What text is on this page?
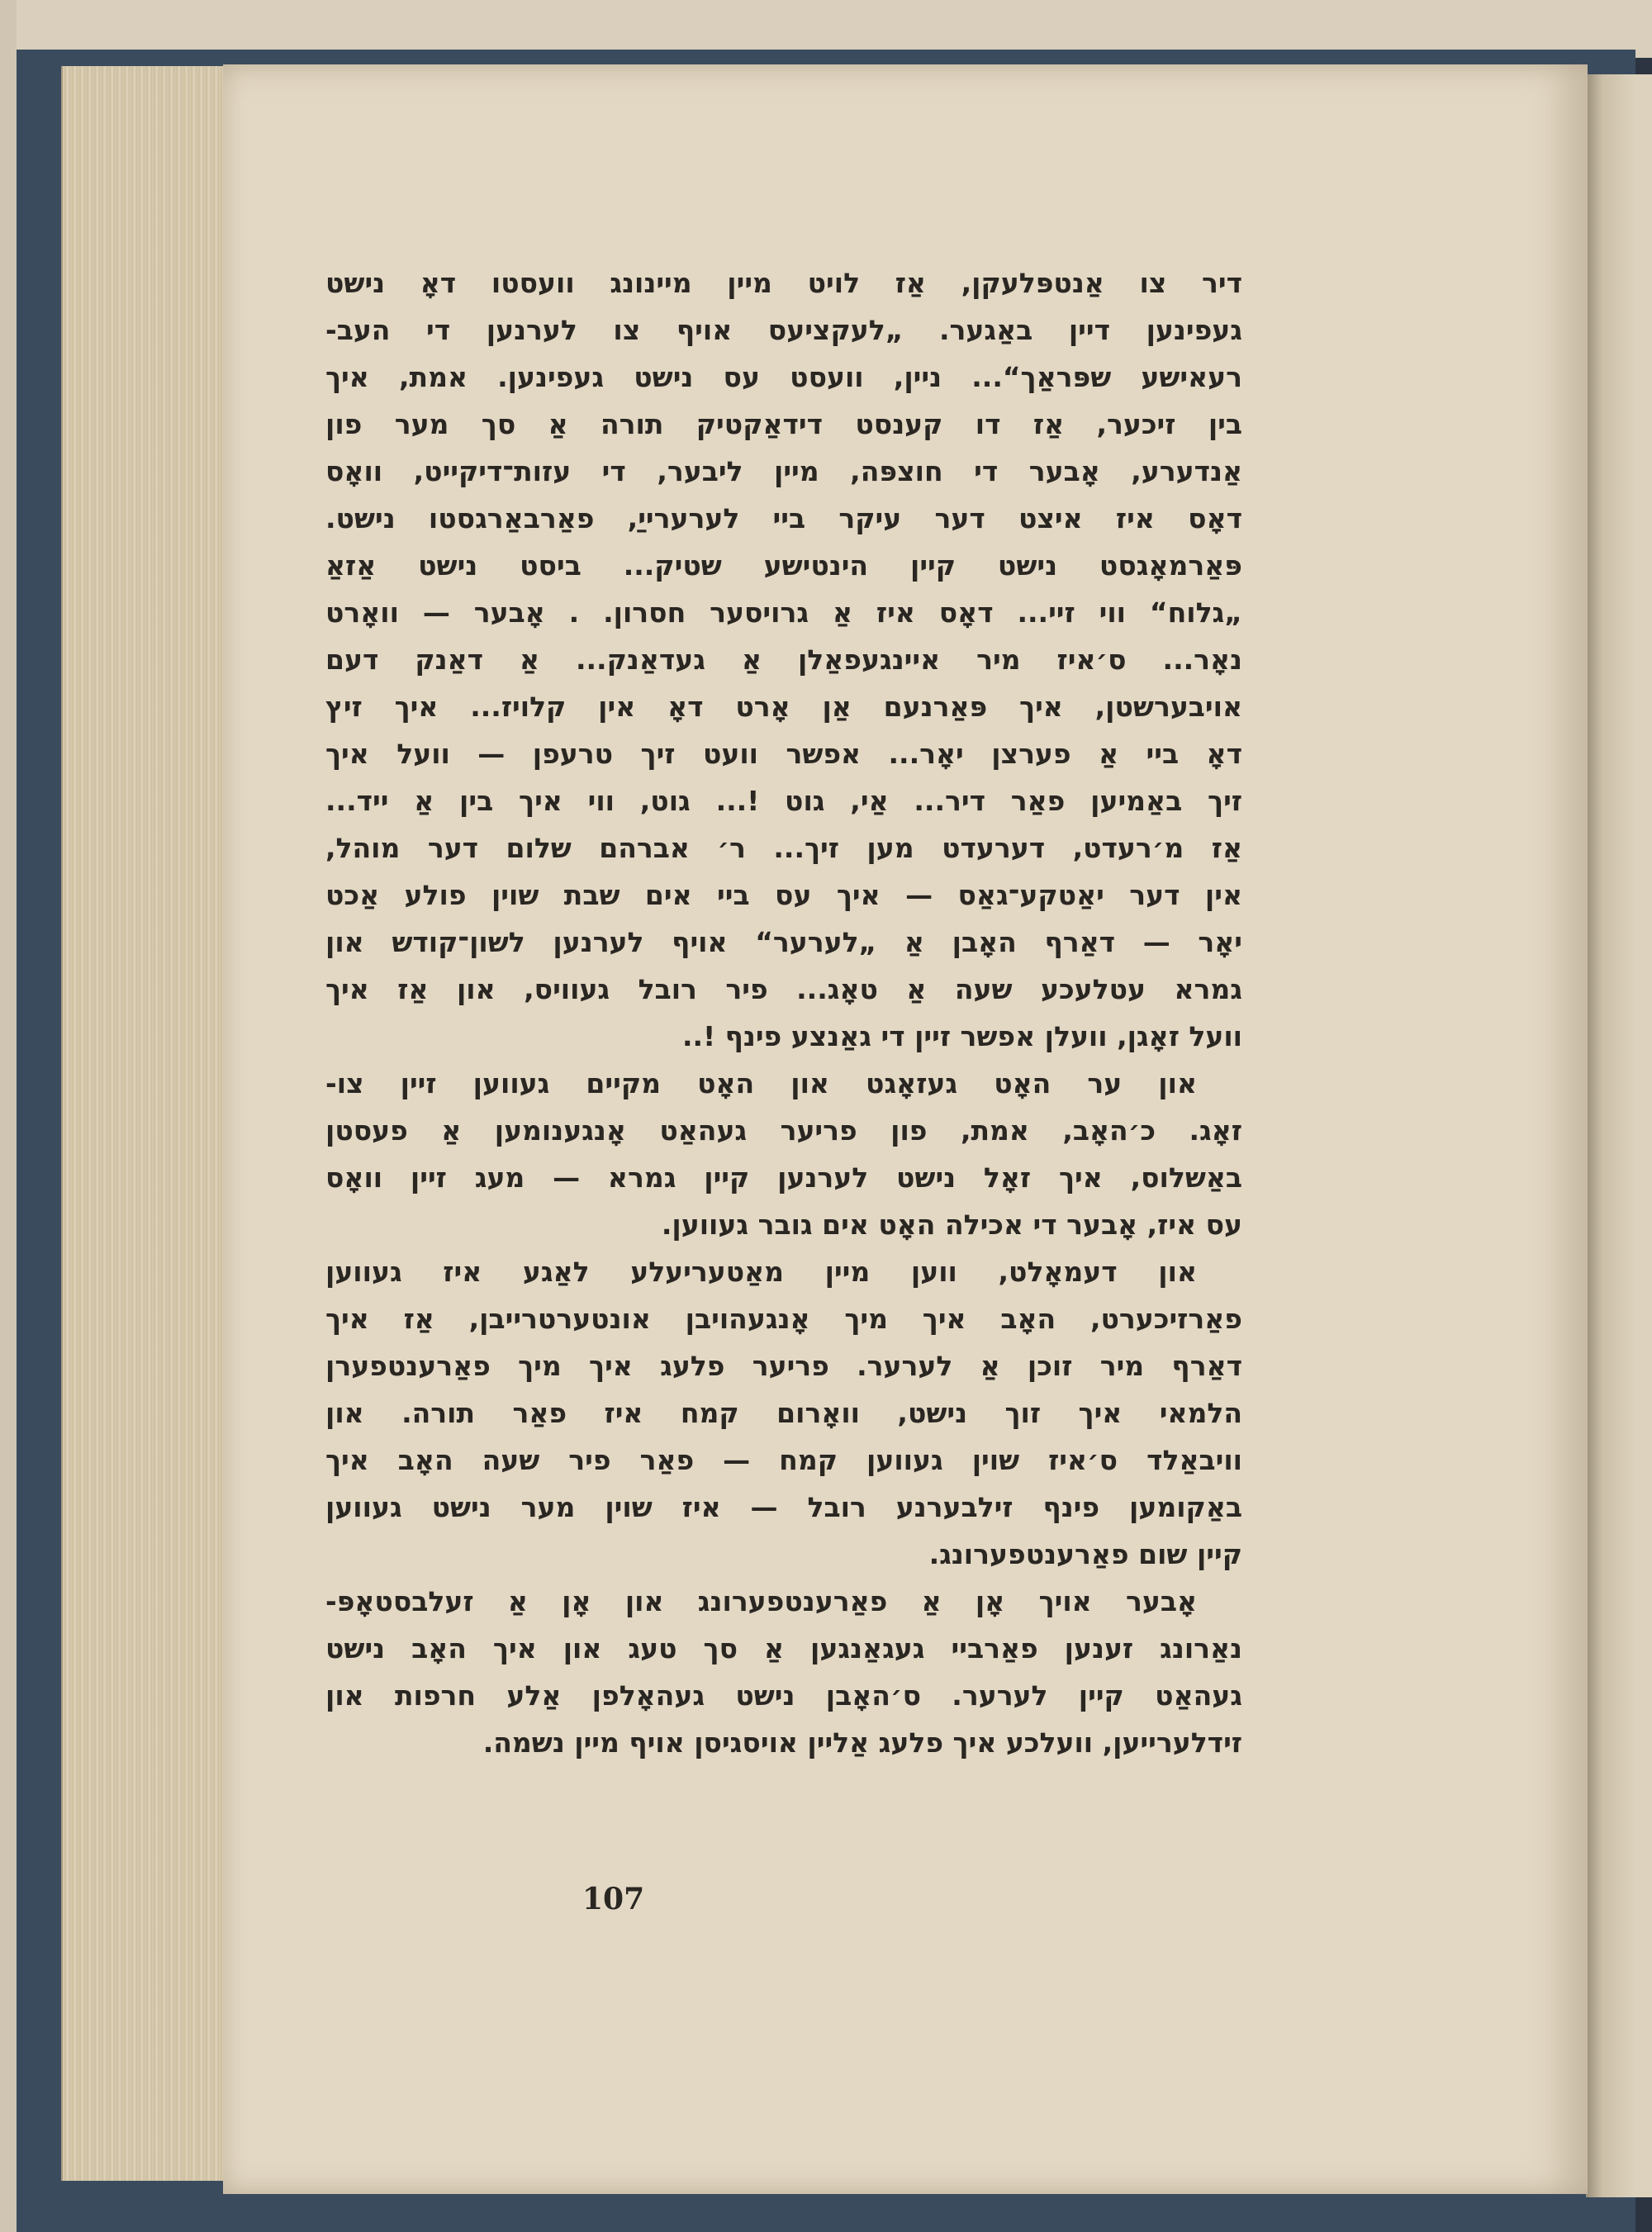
דיר צו אַנטפּלעקן, אַז לויט מיין מיינונג וועסטו דאָ נישט
געפינען דיין באַגער. „לעקציעס אויף צו לערנען די העב-
רעאישע שפּראַך“... ניין, וועסט עס נישט געפינען. אמת, איך
בין זיכער, אַז דו קענסט דידאַקטיק תורה אַ סך מער פון
אַנדערע, אָבער די חוצפּה, מיין ליבער, די עזות־דיקייט, וואָס
דאָס איז איצט דער עיקר ביי לערערייַ, פאַרבאַרגסטו נישט.
פּאַרמאָגסט נישט קיין הינטישע שטיק... ביסט נישט אַזאַ
„גלוח“ ווי זיי... דאָס איז אַ גרויסער חסרון. . אָבער — וואָרט
נאָר... ס׳איז מיר איינגעפאַלן אַ געדאַנק... אַ דאַנק דעם
אויבערשטן, איך פּאַרנעם אַן אָרט דאָ אין קלויז... איך זיץ
דאָ ביי אַ פערצן יאָר... אפשר וועט זיך טרעפן — וועל איך
זיך באַמיען פאַר דיר... אַי, גוט !... גוט, ווי איך בין אַ ייד...
אַז מ׳רעדט, דערעדט מען זיך... ר׳ אברהם שלום דער מוהל,
אין דער יאַטקע־גאַס — איך עס ביי אים שבת שוין פולע אַכט
יאָר — דאַרף האָבן אַ „לערער“ אויף לערנען לשון־קודש און
גמרא עטלעכע שעה אַ טאָג... פיר רובל געוויס, און אַז איך
וועל זאָגן, וועלן אפשר זיין די גאַנצע פינף !..
און ער האָט געזאָגט און האָט מקיים געווען זיין צו-
זאָג. כ׳האָב, אמת, פון פריער געהאַט אָנגענומען אַ פעסטן
באַשלוס, איך זאָל נישט לערנען קיין גמרא — מעג זיין וואָס
עס איז, אָבער די אכילה האָט אים גובר געווען.
און דעמאָלט, ווען מיין מאַטעריעלע לאַגע איז געווען
פאַרזיכערט, האָב איך מיך אָנגעהויבן אונטערטרייבן, אַז איך
דאַרף מיר זוכן אַ לערער. פריער פלעג איך מיך פאַרענטפערן
הלמאי איך זוך נישט, וואָרום קמח איז פאַר תורה. און
וויבאַלד ס׳איז שוין געווען קמח — פאַר פיר שעה האָב איך
באַקומען פינף זילבערנע רובל — איז שוין מער נישט געווען
קיין שום פאַרענטפערונג.
אָבער אויך אָן אַ פאַרענטפערונג און אָן אַ זעלבסטאָפּ-
נאַרונג זענען פאַרביי געגאַנגען אַ סך טעג און איך האָב נישט
געהאַט קיין לערער. ס׳האָבן נישט געהאָלפן אַלע חרפות און
זידלערייען, וועלכע איך פלעג אַליין אויסגיסן אויף מיין נשמה.
107
